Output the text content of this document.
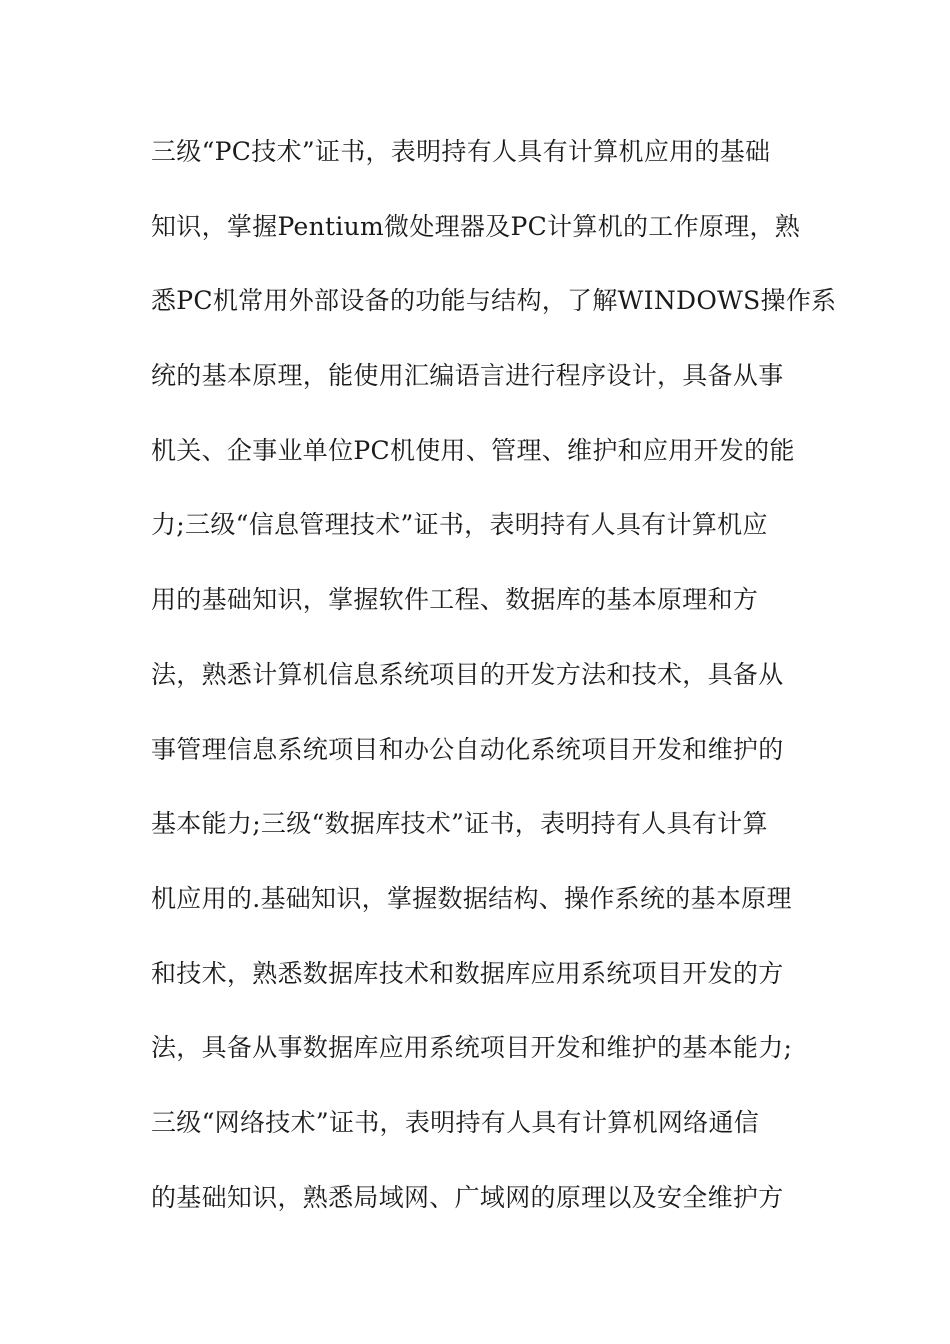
三级“PC技术”证书，表明持有人具有计算机应用的基础
知识，掌握Pentium微处理器及PC计算机的工作原理，熟
悉PC机常用外部设备的功能与结构，了解WINDOWS操作系
统的基本原理，能使用汇编语言进行程序设计，具备从事
机关、企事业单位PC机使用、管理、维护和应用开发的能
力;三级“信息管理技术”证书，表明持有人具有计算机应
用的基础知识，掌握软件工程、数据库的基本原理和方
法，熟悉计算机信息系统项目的开发方法和技术，具备从
事管理信息系统项目和办公自动化系统项目开发和维护的
基本能力;三级“数据库技术”证书，表明持有人具有计算
机应用的.基础知识，掌握数据结构、操作系统的基本原理
和技术，熟悉数据库技术和数据库应用系统项目开发的方
法，具备从事数据库应用系统项目开发和维护的基本能力;
三级“网络技术”证书，表明持有人具有计算机网络通信
的基础知识，熟悉局域网、广域网的原理以及安全维护方
